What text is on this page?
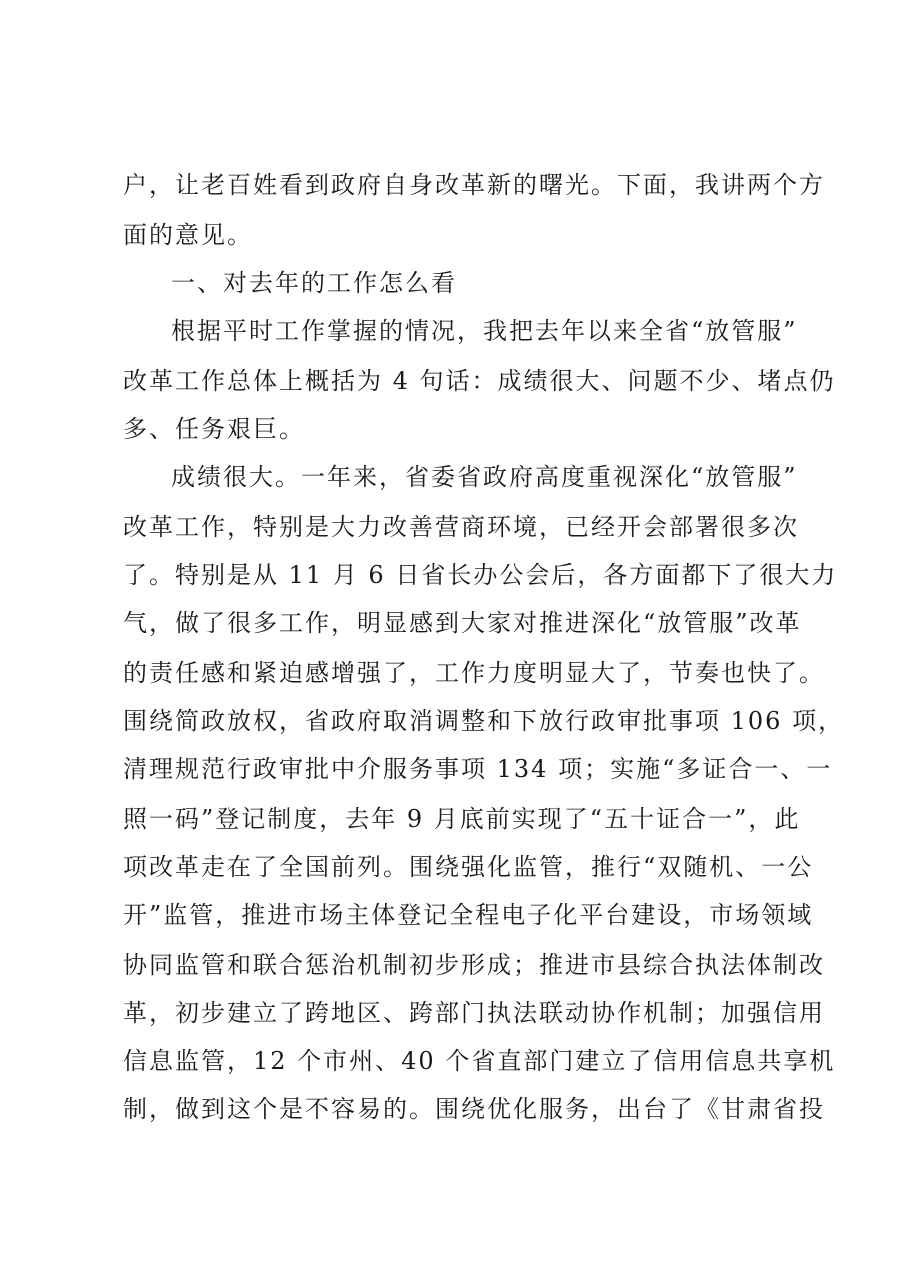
户，让老百姓看到政府自身改革新的曙光。下面，我讲两个方
面的意见。
一、对去年的工作怎么看
根据平时工作掌握的情况，我把去年以来全省“放管服”
改革工作总体上概括为 4 句话：成绩很大、问题不少、堵点仍
多、任务艰巨。
成绩很大。一年来，省委省政府高度重视深化“放管服”
改革工作，特别是大力改善营商环境，已经开会部署很多次
了。特别是从 11 月 6 日省长办公会后，各方面都下了很大力
气，做了很多工作，明显感到大家对推进深化“放管服”改革
的责任感和紧迫感增强了，工作力度明显大了，节奏也快了。
围绕简政放权，省政府取消调整和下放行政审批事项 106 项，
清理规范行政审批中介服务事项 134 项；实施“多证合一、一
照一码”登记制度，去年 9 月底前实现了“五十证合一”，此
项改革走在了全国前列。围绕强化监管，推行“双随机、一公
开”监管，推进市场主体登记全程电子化平台建设，市场领域
协同监管和联合惩治机制初步形成；推进市县综合执法体制改
革，初步建立了跨地区、跨部门执法联动协作机制；加强信用
信息监管，12 个市州、40 个省直部门建立了信用信息共享机
制，做到这个是不容易的。围绕优化服务，出台了《甘肃省投
